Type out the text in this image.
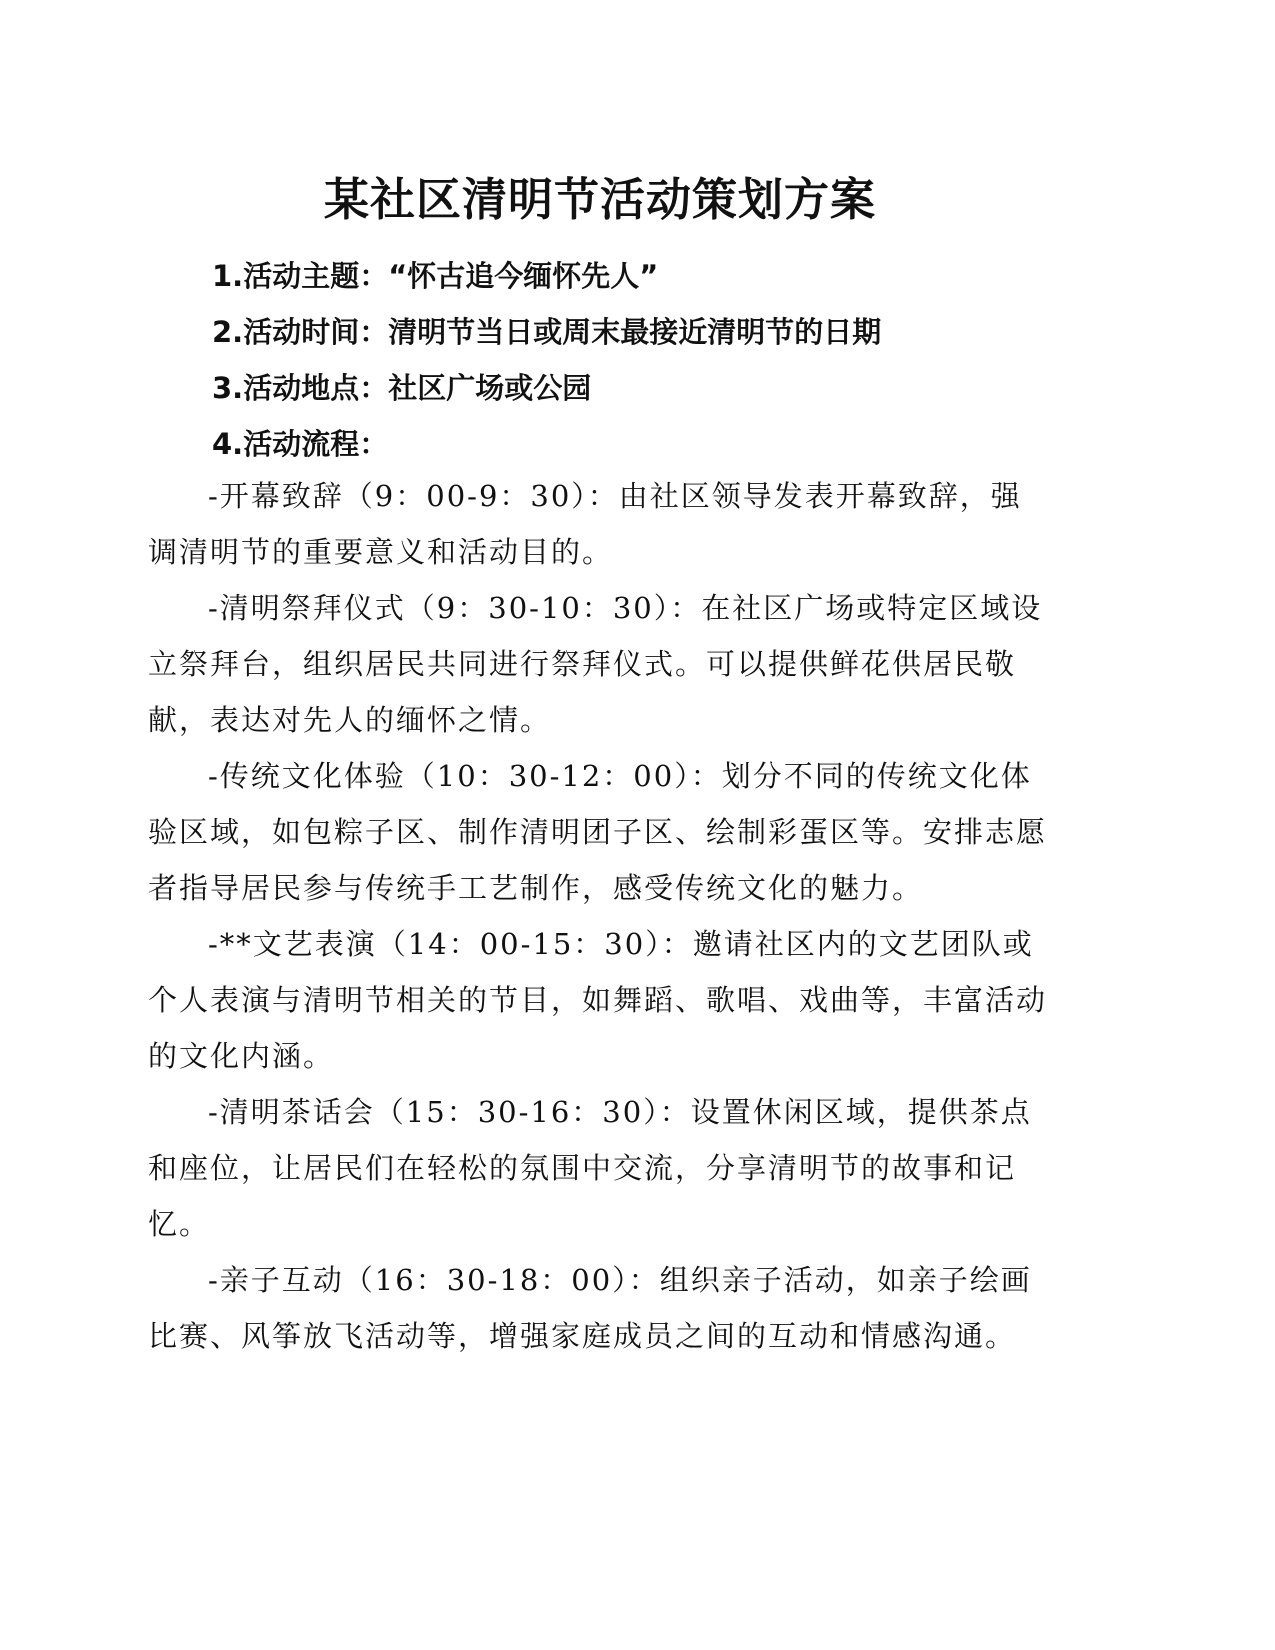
某社区清明节活动策划方案
1.活动主题：“怀古追今缅怀先人”
2.活动时间：清明节当日或周末最接近清明节的日期
3.活动地点：社区广场或公园
4.活动流程：

-开幕致辞（9：00-9：30）：由社区领导发表开幕致辞，强调清明节的重要意义和活动目的。

-清明祭拜仪式（9：30-10：30）：在社区广场或特定区域设立祭拜台，组织居民共同进行祭拜仪式。可以提供鲜花供居民敬献，表达对先人的缅怀之情。

-传统文化体验（10：30-12：00）：划分不同的传统文化体验区域，如包粽子区、制作清明团子区、绘制彩蛋区等。安排志愿者指导居民参与传统手工艺制作，感受传统文化的魅力。

-**文艺表演（14：00-15：30）：邀请社区内的文艺团队或个人表演与清明节相关的节目，如舞蹈、歌唱、戏曲等，丰富活动的文化内涵。

-清明茶话会（15：30-16：30）：设置休闲区域，提供茶点和座位，让居民们在轻松的氛围中交流，分享清明节的故事和记忆。

-亲子互动（16：30-18：00）：组织亲子活动，如亲子绘画比赛、风筝放飞活动等，增强家庭成员之间的互动和情感沟通。
